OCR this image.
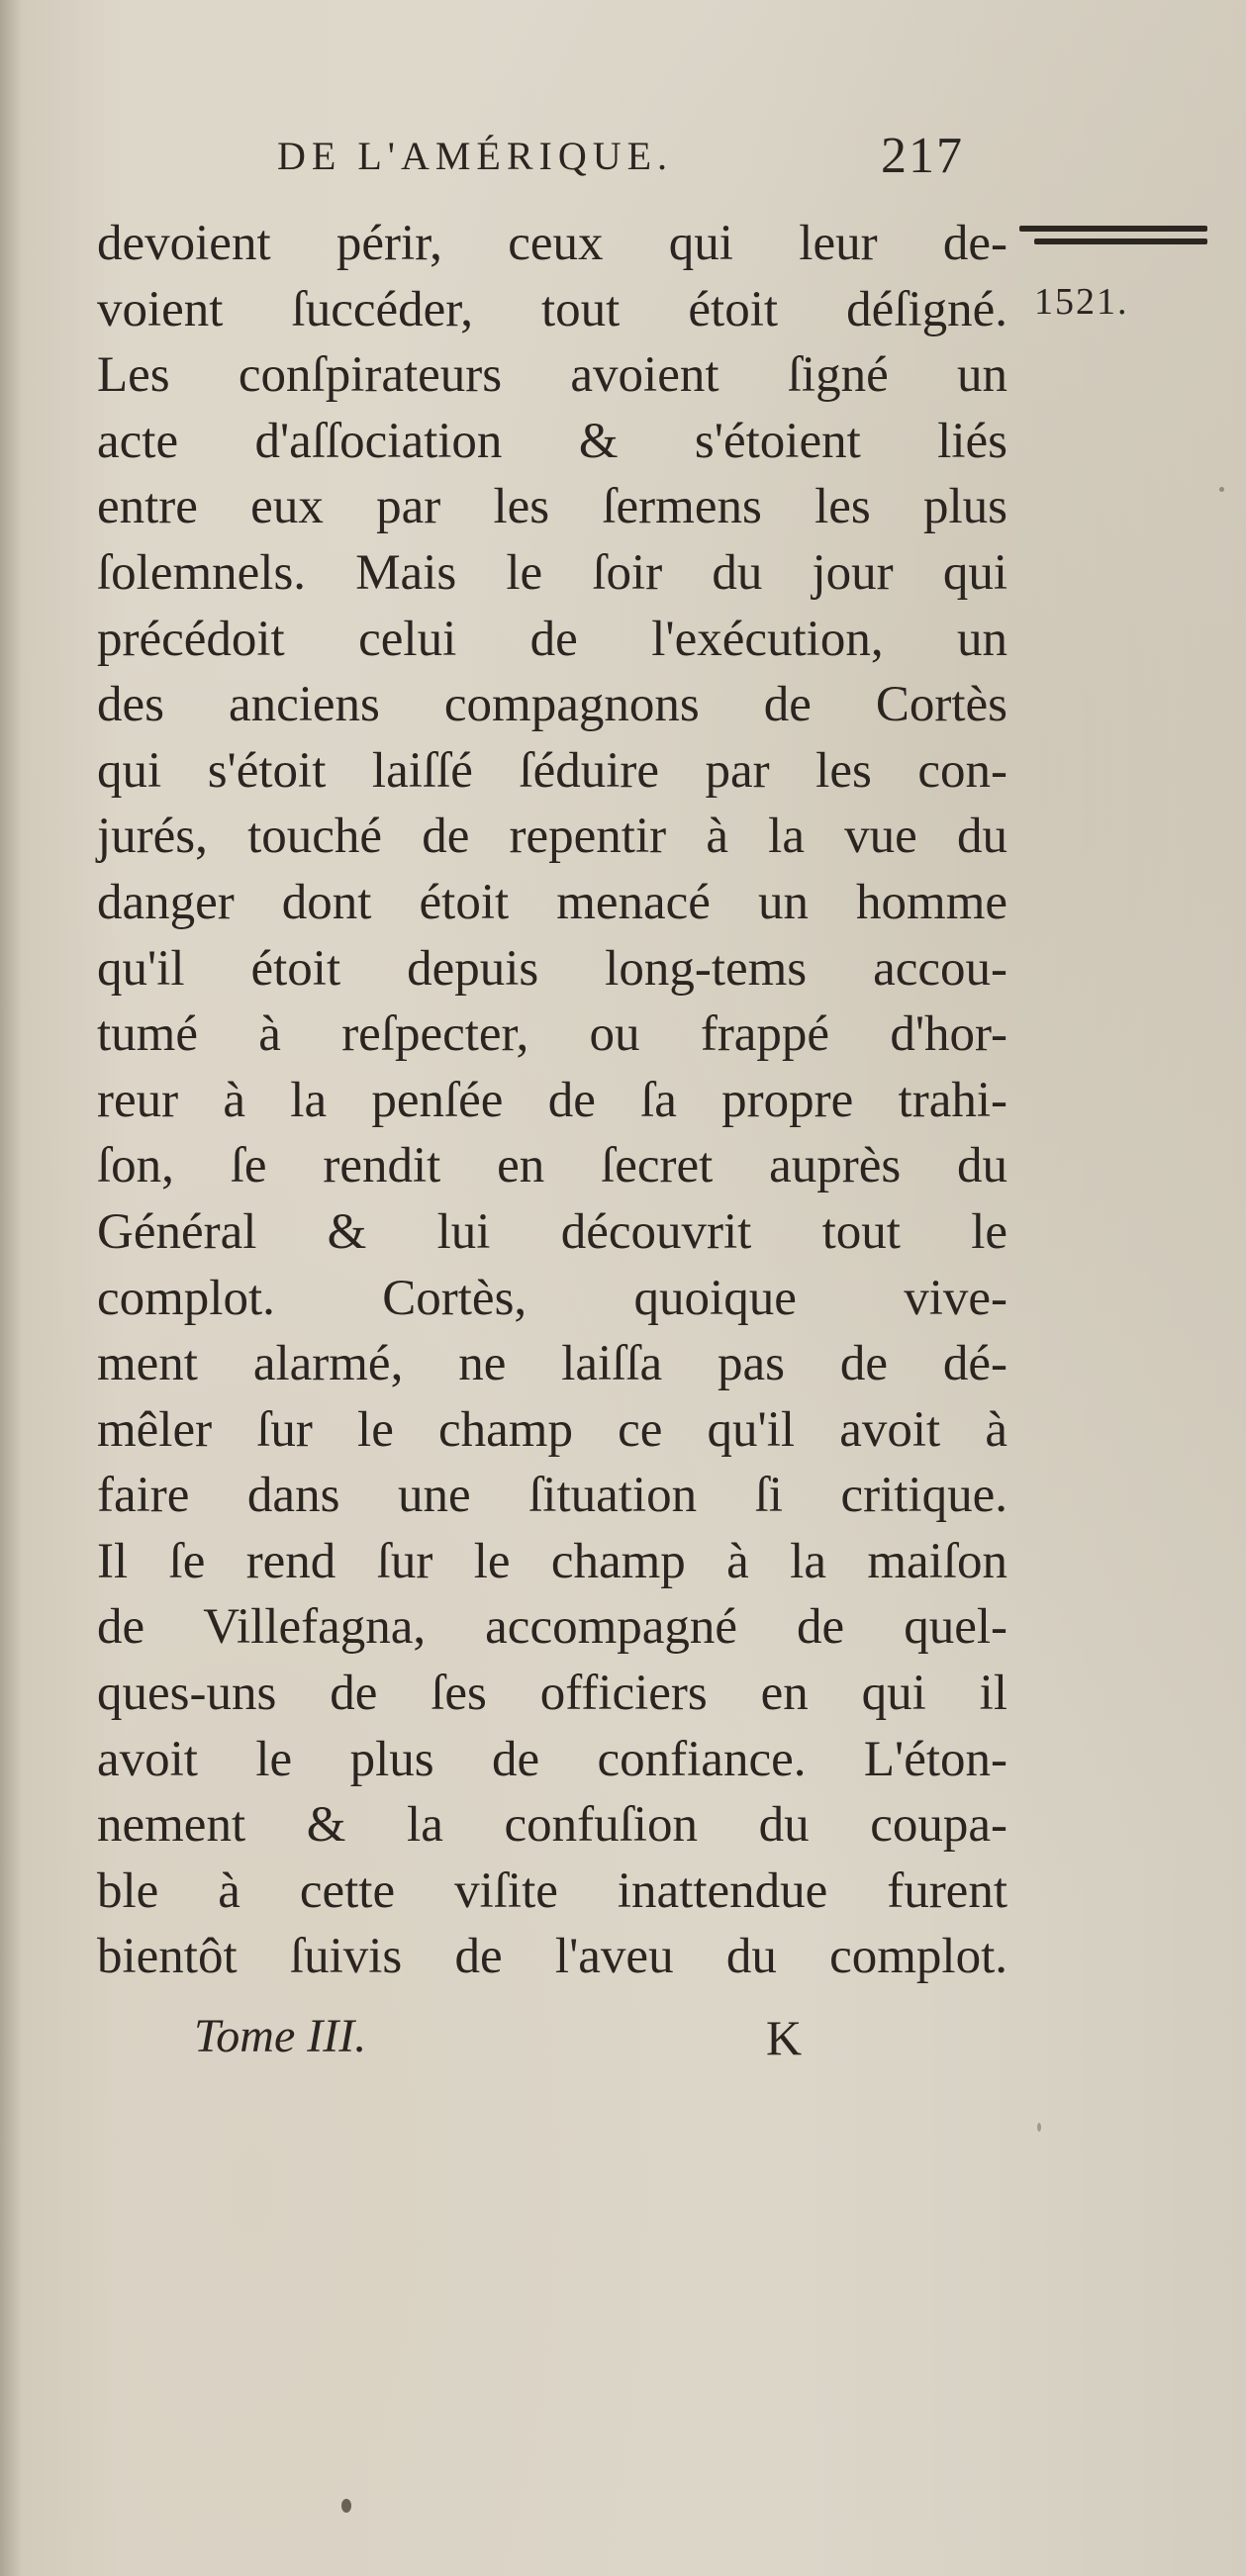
DE L'AMÉRIQUE.	217
1521.
devoient périr, ceux qui leur de-
voient ſuccéder, tout étoit déſigné.
Les conſpirateurs avoient ſigné un
acte d'aſſociation & s'étoient liés
entre eux par les ſermens les plus
ſolemnels. Mais le ſoir du jour qui
précédoit celui de l'exécution, un
des anciens compagnons de Cortès
qui s'étoit laiſſé ſéduire par les con-
jurés, touché de repentir à la vue du
danger dont étoit menacé un homme
qu'il étoit depuis long-tems accou-
tumé à reſpecter, ou frappé d'hor-
reur à la penſée de ſa propre trahi-
ſon, ſe rendit en ſecret auprès du
Général & lui découvrit tout le
complot. Cortès, quoique vive-
ment alarmé, ne laiſſa pas de dé-
mêler ſur le champ ce qu'il avoit à
faire dans une ſituation ſi critique.
Il ſe rend ſur le champ à la maiſon
de Villefagna, accompagné de quel-
ques-uns de ſes officiers en qui il
avoit le plus de confiance. L'éton-
nement & la confuſion du coupa-
ble à cette viſite inattendue furent
bientôt ſuivis de l'aveu du complot.
Tome III.	K
